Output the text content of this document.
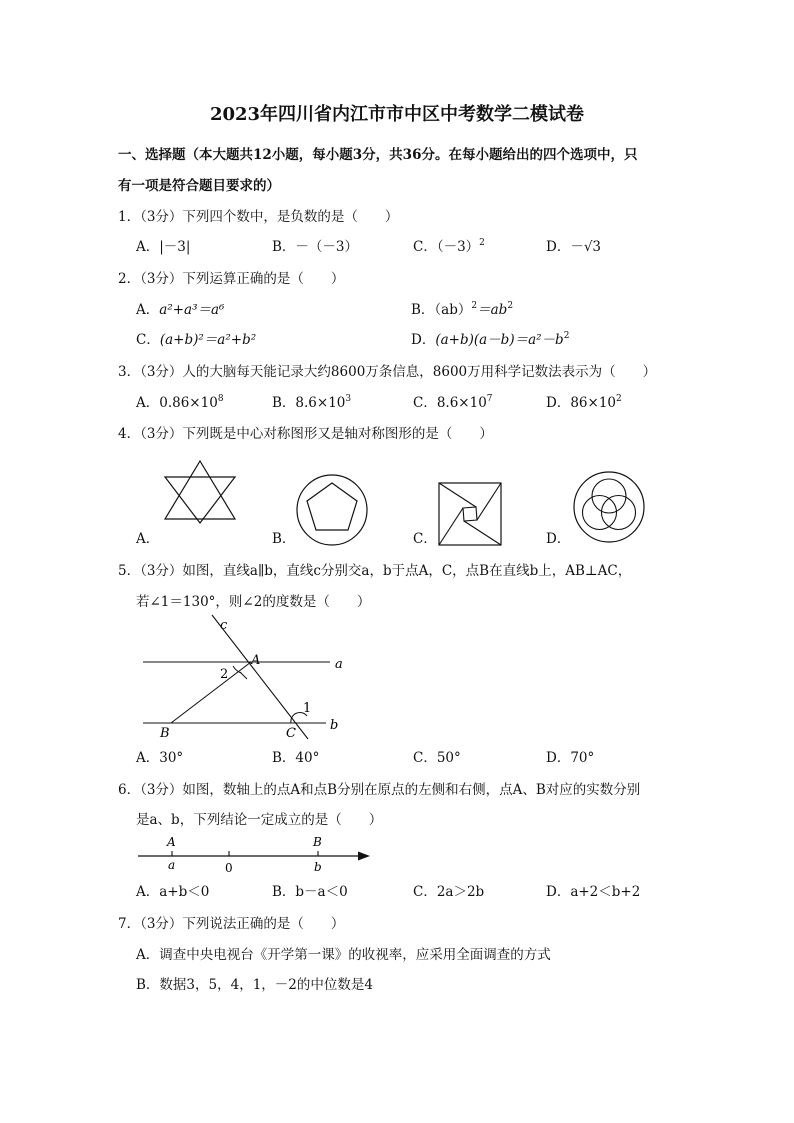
2023年四川省内江市市中区中考数学二模试卷
一、选择题（本大题共12小题，每小题3分，共36分。在每小题给出的四个选项中，只
有一项是符合题目要求的）
1．（3分）下列四个数中，是负数的是（　　）
A．|－3|	B．－（－3）	C．$(-3)^2$	D．－√3
2．（3分）下列运算正确的是（　　）
A．a²+a³＝a⁶	B．$(ab)^2=ab^2$
C．(a+b)²＝a²+b²	D．$(a+b)(a-b)=a^2-b^2$
3．（3分）人的大脑每天能记录大约8600万条信息，8600万用科学记数法表示为（　　）
A．$0.86\times 10^8$	B．$8.6\times 10^3$	C．$8.6\times 10^7$	D．$86\times 10^2$
4．（3分）下列既是中心对称图形又是轴对称图形的是（　　）
A．	B．	C．	D．
5．（3分）如图，直线a∥b，直线c分别交a，b于点A，C，点B在直线b上，AB⊥AC，
若∠1＝130°，则∠2的度数是（　　）
c
A	a
2
1
B	C
b
A．30°	B．40°	C．50°	D．70°
6．（3分）如图，数轴上的点A和点B分别在原点的左侧和右侧，点A、B对应的实数分别
是a、b，下列结论一定成立的是（　　）
A
a	0
B
b
A．a+b＜0	B．b－a＜0	C．2a＞2b	D．a+2＜b+2
7．（3分）下列说法正确的是（　　）
A．调查中央电视台《开学第一课》的收视率，应采用全面调查的方式
B．数据3，5，4，1，－2的中位数是4
